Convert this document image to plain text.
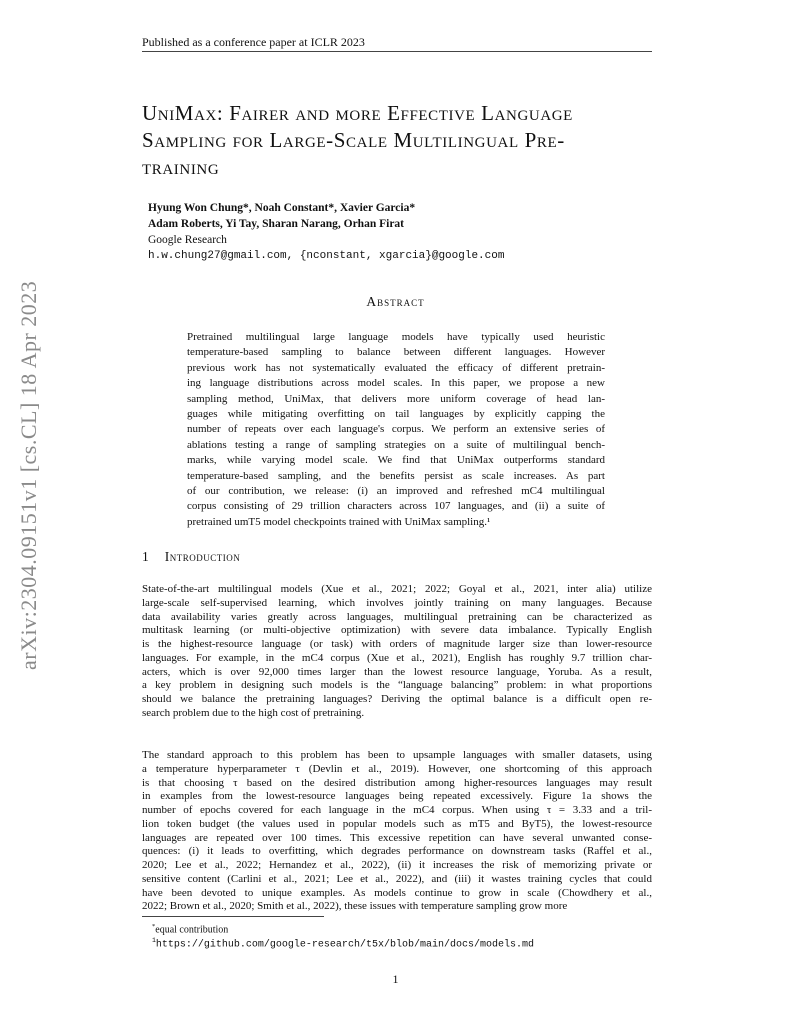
Published as a conference paper at ICLR 2023
arXiv:2304.09151v1 [cs.CL] 18 Apr 2023
UniMax: Fairer and more Effective Language
Sampling for Large-Scale Multilingual Pre-
training
Hyung Won Chung*, Noah Constant*, Xavier Garcia*
Adam Roberts, Yi Tay, Sharan Narang, Orhan Firat
Google Research
h.w.chung27@gmail.com, {nconstant, xgarcia}@google.com
Abstract
Pretrained multilingual large language models have typically used heuristic
temperature-based sampling to balance between different languages. However
previous work has not systematically evaluated the efficacy of different pretrain-
ing language distributions across model scales. In this paper, we propose a new
sampling method, UniMax, that delivers more uniform coverage of head lan-
guages while mitigating overfitting on tail languages by explicitly capping the
number of repeats over each language's corpus. We perform an extensive series of
ablations testing a range of sampling strategies on a suite of multilingual bench-
marks, while varying model scale. We find that UniMax outperforms standard
temperature-based sampling, and the benefits persist as scale increases. As part
of our contribution, we release: (i) an improved and refreshed mC4 multilingual
corpus consisting of 29 trillion characters across 107 languages, and (ii) a suite of
pretrained umT5 model checkpoints trained with UniMax sampling.¹
1 Introduction
State-of-the-art multilingual models (Xue et al., 2021; 2022; Goyal et al., 2021, inter alia) utilize
large-scale self-supervised learning, which involves jointly training on many languages. Because
data availability varies greatly across languages, multilingual pretraining can be characterized as
multitask learning (or multi-objective optimization) with severe data imbalance. Typically English
is the highest-resource language (or task) with orders of magnitude larger size than lower-resource
languages. For example, in the mC4 corpus (Xue et al., 2021), English has roughly 9.7 trillion char-
acters, which is over 92,000 times larger than the lowest resource language, Yoruba. As a result,
a key problem in designing such models is the “language balancing” problem: in what proportions
should we balance the pretraining languages? Deriving the optimal balance is a difficult open re-
search problem due to the high cost of pretraining.
The standard approach to this problem has been to upsample languages with smaller datasets, using
a temperature hyperparameter τ (Devlin et al., 2019). However, one shortcoming of this approach
is that choosing τ based on the desired distribution among higher-resources languages may result
in examples from the lowest-resource languages being repeated excessively. Figure 1a shows the
number of epochs covered for each language in the mC4 corpus. When using τ = 3.33 and a tril-
lion token budget (the values used in popular models such as mT5 and ByT5), the lowest-resource
languages are repeated over 100 times. This excessive repetition can have several unwanted conse-
quences: (i) it leads to overfitting, which degrades performance on downstream tasks (Raffel et al.,
2020; Lee et al., 2022; Hernandez et al., 2022), (ii) it increases the risk of memorizing private or
sensitive content (Carlini et al., 2021; Lee et al., 2022), and (iii) it wastes training cycles that could
have been devoted to unique examples. As models continue to grow in scale (Chowdhery et al.,
2022; Brown et al., 2020; Smith et al., 2022), these issues with temperature sampling grow more
*equal contribution
$^1$https://github.com/google-research/t5x/blob/main/docs/models.md
1
